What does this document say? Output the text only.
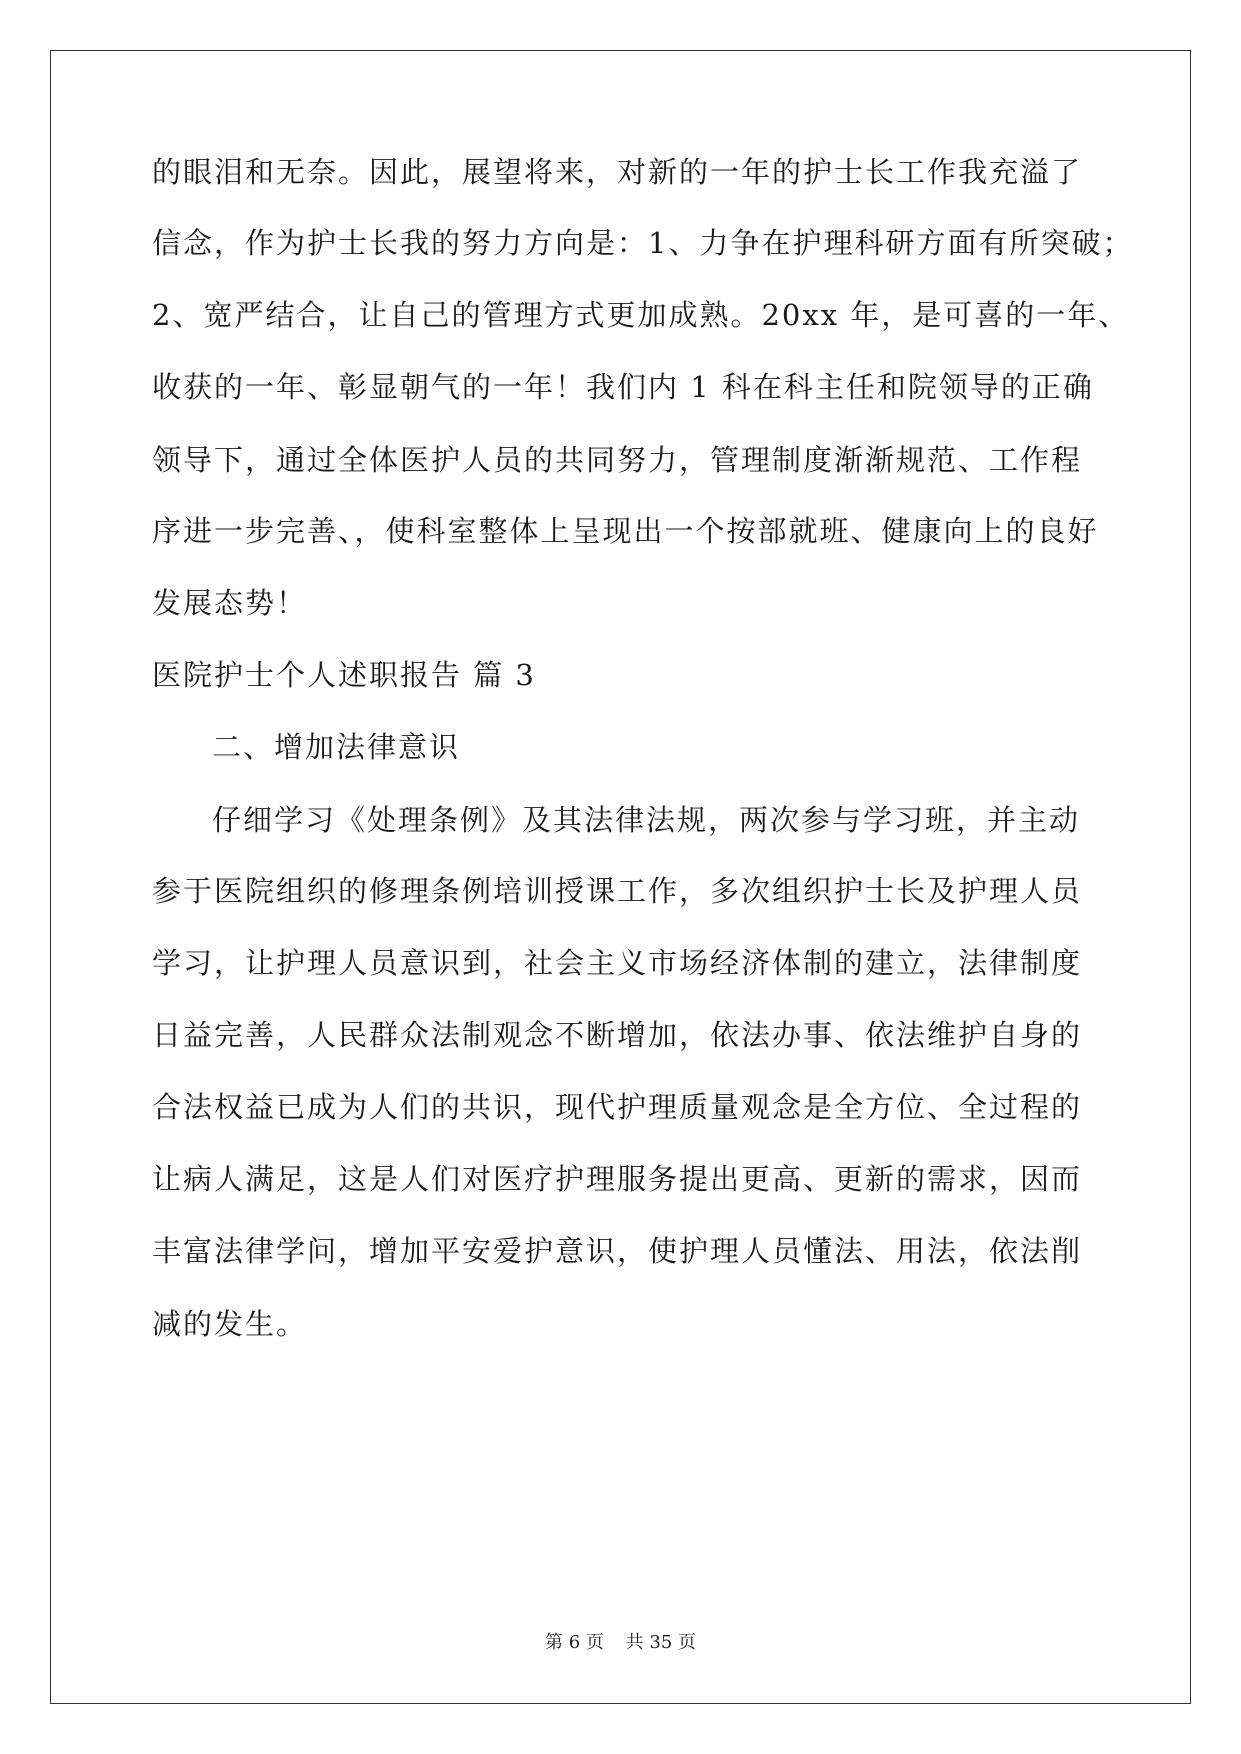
的眼泪和无奈。因此，展望将来，对新的一年的护士长工作我充溢了
信念，作为护士长我的努力方向是：1、力争在护理科研方面有所突破；
2、宽严结合，让自己的管理方式更加成熟。20xx 年，是可喜的一年、
收获的一年、彰显朝气的一年！我们内 1 科在科主任和院领导的正确
领导下，通过全体医护人员的共同努力，管理制度渐渐规范、工作程
序进一步完善、，使科室整体上呈现出一个按部就班、健康向上的良好
发展态势！
医院护士个人述职报告 篇 3
二、增加法律意识
仔细学习《处理条例》及其法律法规，两次参与学习班，并主动
参于医院组织的修理条例培训授课工作，多次组织护士长及护理人员
学习，让护理人员意识到，社会主义市场经济体制的建立，法律制度
日益完善，人民群众法制观念不断增加，依法办事、依法维护自身的
合法权益已成为人们的共识，现代护理质量观念是全方位、全过程的
让病人满足，这是人们对医疗护理服务提出更高、更新的需求，因而
丰富法律学问，增加平安爱护意识，使护理人员懂法、用法，依法削
减的发生。
第 6 页 共 35 页
